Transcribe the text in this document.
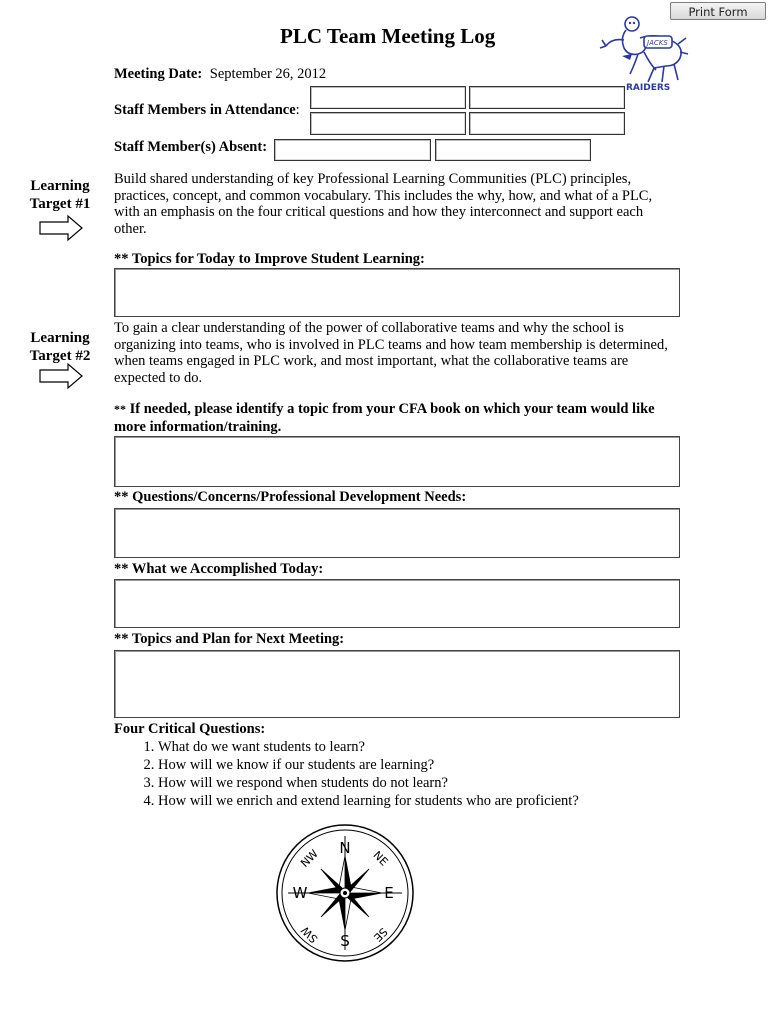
Print Form
PLC Team Meeting Log	JACKS
RAIDERS
Meeting Date: September 26, 2012
Staff Members in Attendance:
Staff Member(s) Absent:
Learning
Target #1
Build shared understanding of key Professional Learning Communities (PLC) principles, practices, concept, and common vocabulary. This includes the why, how, and what of a PLC, with an emphasis on the four critical questions and how they interconnect and support each other.
** Topics for Today to Improve Student Learning:
Learning
Target #2
To gain a clear understanding of the power of collaborative teams and why the school is organizing into teams, who is involved in PLC teams and how team membership is determined, when teams engaged in PLC work, and most important, what the collaborative teams are expected to do.
** If needed, please identify a topic from your CFA book on which your team would like more information/training.
** Questions/Concerns/Professional Development Needs:
** What we Accomplished Today:
** Topics and Plan for Next Meeting:
Four Critical Questions:
1. What do we want students to learn?
2. How will we know if our students are learning?
3. How will we respond when students do not learn?
4. How will we enrich and extend learning for students who are proficient?
N
S
E
W
NE
SE
SW
NW
